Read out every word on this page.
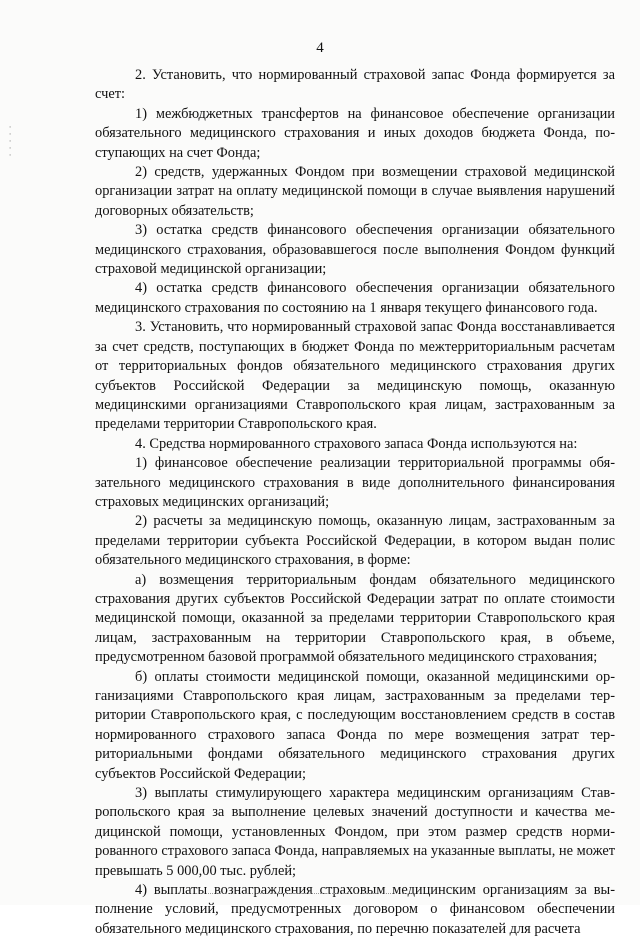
4
·
·
·
·
·

2. Установить, что нормированный страховой запас Фонда формируется за счет:

1) межбюджетных трансфертов на финансовое обеспечение организации обязательного медицинского страхования и иных доходов бюджета Фонда, поступающих на счет Фонда;

2) средств, удержанных Фондом при возмещении страховой медицинской организации затрат на оплату медицинской помощи в случае выявления нарушений договорных обязательств;

3) остатка средств финансового обеспечения организации обязательного медицинского страхования, образовавшегося после выполнения Фондом функций страховой медицинской организации;

4) остатка средств финансового обеспечения организации обязательного медицинского страхования по состоянию на 1 января текущего финансового года.

3. Установить, что нормированный страховой запас Фонда восстанавливается за счет средств, поступающих в бюджет Фонда по межтерриториальным расчетам от территориальных фондов обязательного медицинского страхования других субъектов Российской Федерации за медицинскую помощь, оказанную медицинскими организациями Ставропольского края лицам, застрахованным за пределами территории Ставропольского края.

4. Средства нормированного страхового запаса Фонда используются на:

1) финансовое обеспечение реализации территориальной программы обязательного медицинского страхования в виде дополнительного финансирования страховых медицинских организаций;

2) расчеты за медицинскую помощь, оказанную лицам, застрахованным за пределами территории субъекта Российской Федерации, в котором выдан полис обязательного медицинского страхования, в форме:

а) возмещения территориальным фондам обязательного медицинского страхования других субъектов Российской Федерации затрат по оплате стоимости медицинской помощи, оказанной за пределами территории Ставропольского края лицам, застрахованным на территории Ставропольского края, в объеме, предусмотренном базовой программой обязательного медицинского страхования;

б) оплаты стоимости медицинской помощи, оказанной медицинскими организациями Ставропольского края лицам, застрахованным за пределами территории Ставропольского края, с последующим восстановлением средств в состав нормированного страхового запаса Фонда по мере возмещения затрат территориальными фондами обязательного медицинского страхования других субъектов Российской Федерации;

3) выплаты стимулирующего характера медицинским организациям Ставропольского края за выполнение целевых значений доступности и качества медицинской помощи, установленных Фондом, при этом размер средств нормированного страхового запаса Фонда, направляемых на указанные выплаты, не может превышать 5 000,00 тыс. рублей;

4) выплаты вознаграждения страховым медицинским организациям за выполнение условий, предусмотренных договором о финансовом обеспечении обязательного медицинского страхования, по перечню показателей для расчета
